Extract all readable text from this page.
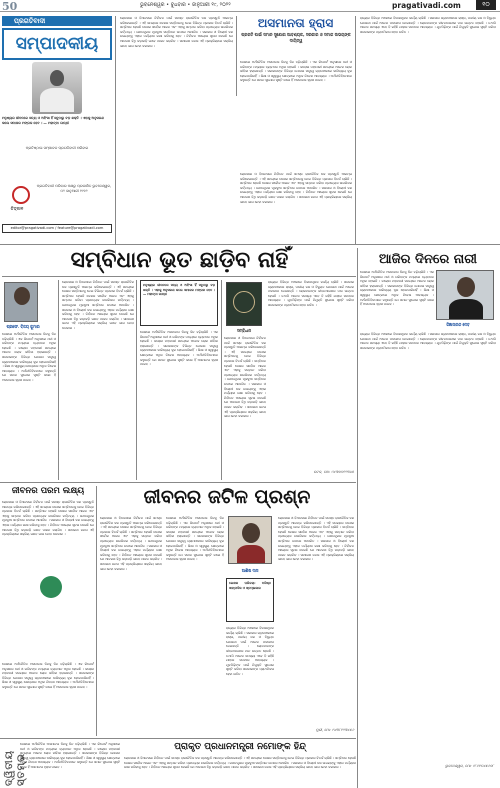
50	ଭୁବନେଶ୍ୱର • ବୁଧବାର • ଜାନୁଆରୀ ୧୯, ୨୦୨୨	pragativadi.com	୧୦
ପ୍ରଗତିବାଦୀ
ସମ୍ପାଦକୀୟ
ମନୁଷ୍ୟର ଜୀବନରେ ସତ୍ୟ ଓ ଅହିଂସା ହିଁ ସବୁଠାରୁ ବଡ଼ ଶକ୍ତି । ଏହାକୁ ଅନୁସରଣ କଲେ ସମାଜର ମଙ୍ଗଳ ହେବ । — ମହାତ୍ମା ଗାନ୍ଧୀ
ପ୍ରତିଷ୍ଠାତା ସମ୍ପାଦକ ପ୍ରଗତିବାଦୀ ପରିବାର
ଚିହ୍ନାଳ
ପ୍ରଗତିବାଦୀ ପରିବାର ପକ୍ଷରୁ ପ୍ରକାଶିତ ଭୁବନେଶ୍ୱର, ୦୨ ଜାନୁଆରୀ ୧୯୭୨
editor@pragativadi.com / feature@pragativadi.com
ଲୋକସଭା ଓ ବିଧାନସଭା ନିର୍ବାଚନ ପାଇଁ ସମସ୍ତ ରାଜନୈତିକ ଦଳ ପ୍ରସ୍ତୁତି ଆରମ୍ଭ କରିଦେଇଛନ୍ତି । ଏହି ସମୟରେ ଦେଶର ସମ୍ବିଧାନକୁ ନେଇ ବିଭିନ୍ନ ପ୍ରକାର ବିତର୍କ ଚାଲିଛି । ସମ୍ବିଧାନ ହେଉଛି ଦେଶର ସର୍ବୋଚ୍ଚ ଆଇନ ଏବଂ ଏହାକୁ ସମ୍ମାନ କରିବା ପ୍ରତ୍ୟେକ ନାଗରିକର କର୍ତ୍ତବ୍ୟ । ଗଣତନ୍ତ୍ରର ମୂଳଦୁଆ ସମ୍ବିଧାନ ଉପରେ ଆଧାରିତ । ସରକାର ଓ ବିରୋଧୀ ଦଳ ଉଭୟଙ୍କୁ ଏହାର ମର୍ଯ୍ୟାଦା ରକ୍ଷା କରିବାକୁ ହେବ । ନିର୍ବାଚନ ଆୟୋଗ ସୂଚନା ଦେଇଛି ଯେ ଆଚରଣ ବିଧି କଡ଼ାକଡ଼ି ଭାବେ ପାଳନ କରାଯିବ । ସାଧାରଣ ଜନତା ଏହି ପ୍ରକ୍ରିୟାରେ ସକ୍ରିୟ ଭାବେ ଭାଗ ନେବା ଦରକାର ।
ଅସମାନତା ହ୍ରାସ
ପ୍ରଗତି ପାଇଁ ସମାନ ସୁଯୋଗ ଆବଶ୍ୟକ, ସରକାର ଓ ସମାଜ ଉଭୟଙ୍କ ଦାୟିତ୍ୱ
ଦେଶରେ ଅର୍ଥନୈତିକ ଅସମାନତା ଦିନକୁ ଦିନ ବଢ଼ିଚାଲିଛି । ଏକ ରିପୋର୍ଟ ଅନୁସାରେ ଧନୀ ଓ ଗରିବଙ୍କ ମଧ୍ୟରେ ବ୍ୟବଧାନ ଅଧିକ ହୋଇଛି । କରୋନା ମହାମାରୀ ସମୟରେ ଅନେକ ଲୋକ ଜୀବିକା ହରାଇଛନ୍ତି । ସରକାରଙ୍କ ବିଭିନ୍ନ ଯୋଜନା ସତ୍ତ୍ୱେ ଗ୍ରାମାଞ୍ଚଳରେ ଦାରିଦ୍ର୍ୟ ଦୂର ହୋଇପାରିନାହିଁ । ଶିକ୍ଷା ଓ ସ୍ୱାସ୍ଥ୍ୟ କ୍ଷେତ୍ରରେ ଅଧିକ ନିବେଶ ଆବଶ୍ୟକ । ଅର୍ଥନୀତିବିଦମାନେ କହୁଛନ୍ତି ଯେ ସମାନ ସୁଯୋଗ ସୃଷ୍ଟି କଲେ ହିଁ ଅସମାନତା ହ୍ରାସ ପାଇବ ।
ଲୋକସଭା ଓ ବିଧାନସଭା ନିର୍ବାଚନ ପାଇଁ ସମସ୍ତ ରାଜନୈତିକ ଦଳ ପ୍ରସ୍ତୁତି ଆରମ୍ଭ କରିଦେଇଛନ୍ତି । ଏହି ସମୟରେ ଦେଶର ସମ୍ବିଧାନକୁ ନେଇ ବିଭିନ୍ନ ପ୍ରକାର ବିତର୍କ ଚାଲିଛି । ସମ୍ବିଧାନ ହେଉଛି ଦେଶର ସର୍ବୋଚ୍ଚ ଆଇନ ଏବଂ ଏହାକୁ ସମ୍ମାନ କରିବା ପ୍ରତ୍ୟେକ ନାଗରିକର କର୍ତ୍ତବ୍ୟ । ଗଣତନ୍ତ୍ରର ମୂଳଦୁଆ ସମ୍ବିଧାନ ଉପରେ ଆଧାରିତ । ସରକାର ଓ ବିରୋଧୀ ଦଳ ଉଭୟଙ୍କୁ ଏହାର ମର୍ଯ୍ୟାଦା ରକ୍ଷା କରିବାକୁ ହେବ । ନିର୍ବାଚନ ଆୟୋଗ ସୂଚନା ଦେଇଛି ଯେ ଆଚରଣ ବିଧି କଡ଼ାକଡ଼ି ଭାବେ ପାଳନ କରାଯିବ । ସାଧାରଣ ଜନତା ଏହି ପ୍ରକ୍ରିୟାରେ ସକ୍ରିୟ ଭାବେ ଭାଗ ନେବା ଦରକାର ।
ରାଜ୍ୟର ବିଭିନ୍ନ ଅଞ୍ଚଳରେ ବିକାଶମୂଳକ କାର୍ଯ୍ୟ ଚାଲିଛି । ସରକାର ଗ୍ରାମାଞ୍ଚଳରେ ରାସ୍ତା, ପାନୀୟ ଜଳ ଓ ବିଦ୍ୟୁତ ଯୋଗାଣ ପାଇଁ ଅନେକ ପଦକ୍ଷେପ ନେଇଛନ୍ତି । ଲୋକମାନଙ୍କ ଜୀବନଧାରଣର ମାନ ଉନ୍ନତ ହେଉଛି । ତଥାପି ଅନେକ ସମସ୍ୟା ଏବେ ବି ରହିଛି ଯାହାର ସମାଧାନ ଆବଶ୍ୟକ । ଯୁବପିଢ଼ିଙ୍କ ପାଇଁ ନିଯୁକ୍ତି ସୁଯୋଗ ସୃଷ୍ଟି କରିବା ସରକାରଙ୍କ ପ୍ରାଥମିକତା ହେବା ଉଚିତ ।
ସମ୍ବିଧାନ ଭୂତ ଛାଡ଼ିବ ନାହିଁ	ଆଜିର ଦିନରେ ନାରୀ
ପ୍ରଫେ. ବିଜୟ କୁମାର
ଦେଶରେ ଅର୍ଥନୈତିକ ଅସମାନତା ଦିନକୁ ଦିନ ବଢ଼ିଚାଲିଛି । ଏକ ରିପୋର୍ଟ ଅନୁସାରେ ଧନୀ ଓ ଗରିବଙ୍କ ମଧ୍ୟରେ ବ୍ୟବଧାନ ଅଧିକ ହୋଇଛି । କରୋନା ମହାମାରୀ ସମୟରେ ଅନେକ ଲୋକ ଜୀବିକା ହରାଇଛନ୍ତି । ସରକାରଙ୍କ ବିଭିନ୍ନ ଯୋଜନା ସତ୍ତ୍ୱେ ଗ୍ରାମାଞ୍ଚଳରେ ଦାରିଦ୍ର୍ୟ ଦୂର ହୋଇପାରିନାହିଁ । ଶିକ୍ଷା ଓ ସ୍ୱାସ୍ଥ୍ୟ କ୍ଷେତ୍ରରେ ଅଧିକ ନିବେଶ ଆବଶ୍ୟକ । ଅର୍ଥନୀତିବିଦମାନେ କହୁଛନ୍ତି ଯେ ସମାନ ସୁଯୋଗ ସୃଷ୍ଟି କଲେ ହିଁ ଅସମାନତା ହ୍ରାସ ପାଇବ ।
ଲୋକସଭା ଓ ବିଧାନସଭା ନିର୍ବାଚନ ପାଇଁ ସମସ୍ତ ରାଜନୈତିକ ଦଳ ପ୍ରସ୍ତୁତି ଆରମ୍ଭ କରିଦେଇଛନ୍ତି । ଏହି ସମୟରେ ଦେଶର ସମ୍ବିଧାନକୁ ନେଇ ବିଭିନ୍ନ ପ୍ରକାର ବିତର୍କ ଚାଲିଛି । ସମ୍ବିଧାନ ହେଉଛି ଦେଶର ସର୍ବୋଚ୍ଚ ଆଇନ ଏବଂ ଏହାକୁ ସମ୍ମାନ କରିବା ପ୍ରତ୍ୟେକ ନାଗରିକର କର୍ତ୍ତବ୍ୟ । ଗଣତନ୍ତ୍ରର ମୂଳଦୁଆ ସମ୍ବିଧାନ ଉପରେ ଆଧାରିତ । ସରକାର ଓ ବିରୋଧୀ ଦଳ ଉଭୟଙ୍କୁ ଏହାର ମର୍ଯ୍ୟାଦା ରକ୍ଷା କରିବାକୁ ହେବ । ନିର୍ବାଚନ ଆୟୋଗ ସୂଚନା ଦେଇଛି ଯେ ଆଚରଣ ବିଧି କଡ଼ାକଡ଼ି ଭାବେ ପାଳନ କରାଯିବ । ସାଧାରଣ ଜନତା ଏହି ପ୍ରକ୍ରିୟାରେ ସକ୍ରିୟ ଭାବେ ଭାଗ ନେବା ଦରକାର ।
ମନୁଷ୍ୟର ଜୀବନରେ ସତ୍ୟ ଓ ଅହିଂସା ହିଁ ସବୁଠାରୁ ବଡ଼ ଶକ୍ତି । ଏହାକୁ ଅନୁସରଣ କଲେ ସମାଜର ମଙ୍ଗଳ ହେବ । — ମହାତ୍ମା ଗାନ୍ଧୀ
ଦେଶରେ ଅର୍ଥନୈତିକ ଅସମାନତା ଦିନକୁ ଦିନ ବଢ଼ିଚାଲିଛି । ଏକ ରିପୋର୍ଟ ଅନୁସାରେ ଧନୀ ଓ ଗରିବଙ୍କ ମଧ୍ୟରେ ବ୍ୟବଧାନ ଅଧିକ ହୋଇଛି । କରୋନା ମହାମାରୀ ସମୟରେ ଅନେକ ଲୋକ ଜୀବିକା ହରାଇଛନ୍ତି । ସରକାରଙ୍କ ବିଭିନ୍ନ ଯୋଜନା ସତ୍ତ୍ୱେ ଗ୍ରାମାଞ୍ଚଳରେ ଦାରିଦ୍ର୍ୟ ଦୂର ହୋଇପାରିନାହିଁ । ଶିକ୍ଷା ଓ ସ୍ୱାସ୍ଥ୍ୟ କ୍ଷେତ୍ରରେ ଅଧିକ ନିବେଶ ଆବଶ୍ୟକ । ଅର୍ଥନୀତିବିଦମାନେ କହୁଛନ୍ତି ଯେ ସମାନ ସୁଯୋଗ ସୃଷ୍ଟି କଲେ ହିଁ ଅସମାନତା ହ୍ରାସ ପାଇବ ।
ସମ୍ବିଧାନ
ରାଜ୍ୟର ବିଭିନ୍ନ ଅଞ୍ଚଳରେ ବିକାଶମୂଳକ କାର୍ଯ୍ୟ ଚାଲିଛି । ସରକାର ଗ୍ରାମାଞ୍ଚଳରେ ରାସ୍ତା, ପାନୀୟ ଜଳ ଓ ବିଦ୍ୟୁତ ଯୋଗାଣ ପାଇଁ ଅନେକ ପଦକ୍ଷେପ ନେଇଛନ୍ତି । ଲୋକମାନଙ୍କ ଜୀବନଧାରଣର ମାନ ଉନ୍ନତ ହେଉଛି । ତଥାପି ଅନେକ ସମସ୍ୟା ଏବେ ବି ରହିଛି ଯାହାର ସମାଧାନ ଆବଶ୍ୟକ । ଯୁବପିଢ଼ିଙ୍କ ପାଇଁ ନିଯୁକ୍ତି ସୁଯୋଗ ସୃଷ୍ଟି କରିବା ସରକାରଙ୍କ ପ୍ରାଥମିକତା ହେବା ଉଚିତ ।
ଲୋକସଭା ଓ ବିଧାନସଭା ନିର୍ବାଚନ ପାଇଁ ସମସ୍ତ ରାଜନୈତିକ ଦଳ ପ୍ରସ୍ତୁତି ଆରମ୍ଭ କରିଦେଇଛନ୍ତି । ଏହି ସମୟରେ ଦେଶର ସମ୍ବିଧାନକୁ ନେଇ ବିଭିନ୍ନ ପ୍ରକାର ବିତର୍କ ଚାଲିଛି । ସମ୍ବିଧାନ ହେଉଛି ଦେଶର ସର୍ବୋଚ୍ଚ ଆଇନ ଏବଂ ଏହାକୁ ସମ୍ମାନ କରିବା ପ୍ରତ୍ୟେକ ନାଗରିକର କର୍ତ୍ତବ୍ୟ । ଗଣତନ୍ତ୍ରର ମୂଳଦୁଆ ସମ୍ବିଧାନ ଉପରେ ଆଧାରିତ । ସରକାର ଓ ବିରୋଧୀ ଦଳ ଉଭୟଙ୍କୁ ଏହାର ମର୍ଯ୍ୟାଦା ରକ୍ଷା କରିବାକୁ ହେବ । ନିର୍ବାଚନ ଆୟୋଗ ସୂଚନା ଦେଇଛି ଯେ ଆଚରଣ ବିଧି କଡ଼ାକଡ଼ି ଭାବେ ପାଳନ କରାଯିବ । ସାଧାରଣ ଜନତା ଏହି ପ୍ରକ୍ରିୟାରେ ସକ୍ରିୟ ଭାବେ ଭାଗ ନେବା ଦରକାର ।
କଟକ, ମୋ: ୯୪୩୭୦୧୨୩୪୫
ଜିଜ୍ଞାସାନନ୍ଦ ଦେବ
ଦେଶରେ ଅର୍ଥନୈତିକ ଅସମାନତା ଦିନକୁ ଦିନ ବଢ଼ିଚାଲିଛି । ଏକ ରିପୋର୍ଟ ଅନୁସାରେ ଧନୀ ଓ ଗରିବଙ୍କ ମଧ୍ୟରେ ବ୍ୟବଧାନ ଅଧିକ ହୋଇଛି । କରୋନା ମହାମାରୀ ସମୟରେ ଅନେକ ଲୋକ ଜୀବିକା ହରାଇଛନ୍ତି । ସରକାରଙ୍କ ବିଭିନ୍ନ ଯୋଜନା ସତ୍ତ୍ୱେ ଗ୍ରାମାଞ୍ଚଳରେ ଦାରିଦ୍ର୍ୟ ଦୂର ହୋଇପାରିନାହିଁ । ଶିକ୍ଷା ଓ ସ୍ୱାସ୍ଥ୍ୟ କ୍ଷେତ୍ରରେ ଅଧିକ ନିବେଶ ଆବଶ୍ୟକ । ଅର୍ଥନୀତିବିଦମାନେ କହୁଛନ୍ତି ଯେ ସମାନ ସୁଯୋଗ ସୃଷ୍ଟି କଲେ ହିଁ ଅସମାନତା ହ୍ରାସ ପାଇବ ।
ରାଜ୍ୟର ବିଭିନ୍ନ ଅଞ୍ଚଳରେ ବିକାଶମୂଳକ କାର୍ଯ୍ୟ ଚାଲିଛି । ସରକାର ଗ୍ରାମାଞ୍ଚଳରେ ରାସ୍ତା, ପାନୀୟ ଜଳ ଓ ବିଦ୍ୟୁତ ଯୋଗାଣ ପାଇଁ ଅନେକ ପଦକ୍ଷେପ ନେଇଛନ୍ତି । ଲୋକମାନଙ୍କ ଜୀବନଧାରଣର ମାନ ଉନ୍ନତ ହେଉଛି । ତଥାପି ଅନେକ ସମସ୍ୟା ଏବେ ବି ରହିଛି ଯାହାର ସମାଧାନ ଆବଶ୍ୟକ । ଯୁବପିଢ଼ିଙ୍କ ପାଇଁ ନିଯୁକ୍ତି ସୁଯୋଗ ସୃଷ୍ଟି କରିବା ସରକାରଙ୍କ ପ୍ରାଥମିକତା ହେବା ଉଚିତ ।
ଭୁବନେଶ୍ୱର, ମୋ: ୯୮୬୧୦୪୫୬୭୮
ଜୀବନର ପରମ ଲକ୍ଷ୍ୟ
ଲୋକସଭା ଓ ବିଧାନସଭା ନିର୍ବାଚନ ପାଇଁ ସମସ୍ତ ରାଜନୈତିକ ଦଳ ପ୍ରସ୍ତୁତି ଆରମ୍ଭ କରିଦେଇଛନ୍ତି । ଏହି ସମୟରେ ଦେଶର ସମ୍ବିଧାନକୁ ନେଇ ବିଭିନ୍ନ ପ୍ରକାର ବିତର୍କ ଚାଲିଛି । ସମ୍ବିଧାନ ହେଉଛି ଦେଶର ସର୍ବୋଚ୍ଚ ଆଇନ ଏବଂ ଏହାକୁ ସମ୍ମାନ କରିବା ପ୍ରତ୍ୟେକ ନାଗରିକର କର୍ତ୍ତବ୍ୟ । ଗଣତନ୍ତ୍ରର ମୂଳଦୁଆ ସମ୍ବିଧାନ ଉପରେ ଆଧାରିତ । ସରକାର ଓ ବିରୋଧୀ ଦଳ ଉଭୟଙ୍କୁ ଏହାର ମର୍ଯ୍ୟାଦା ରକ୍ଷା କରିବାକୁ ହେବ । ନିର୍ବାଚନ ଆୟୋଗ ସୂଚନା ଦେଇଛି ଯେ ଆଚରଣ ବିଧି କଡ଼ାକଡ଼ି ଭାବେ ପାଳନ କରାଯିବ । ସାଧାରଣ ଜନତା ଏହି ପ୍ରକ୍ରିୟାରେ ସକ୍ରିୟ ଭାବେ ଭାଗ ନେବା ଦରକାର ।
ଦେଶରେ ଅର୍ଥନୈତିକ ଅସମାନତା ଦିନକୁ ଦିନ ବଢ଼ିଚାଲିଛି । ଏକ ରିପୋର୍ଟ ଅନୁସାରେ ଧନୀ ଓ ଗରିବଙ୍କ ମଧ୍ୟରେ ବ୍ୟବଧାନ ଅଧିକ ହୋଇଛି । କରୋନା ମହାମାରୀ ସମୟରେ ଅନେକ ଲୋକ ଜୀବିକା ହରାଇଛନ୍ତି । ସରକାରଙ୍କ ବିଭିନ୍ନ ଯୋଜନା ସତ୍ତ୍ୱେ ଗ୍ରାମାଞ୍ଚଳରେ ଦାରିଦ୍ର୍ୟ ଦୂର ହୋଇପାରିନାହିଁ । ଶିକ୍ଷା ଓ ସ୍ୱାସ୍ଥ୍ୟ କ୍ଷେତ୍ରରେ ଅଧିକ ନିବେଶ ଆବଶ୍ୟକ । ଅର୍ଥନୀତିବିଦମାନେ କହୁଛନ୍ତି ଯେ ସମାନ ସୁଯୋଗ ସୃଷ୍ଟି କଲେ ହିଁ ଅସମାନତା ହ୍ରାସ ପାଇବ ।
ଜୀବନର ଜଟିଳ ପ୍ରଶ୍ନ
ଲୋକସଭା ଓ ବିଧାନସଭା ନିର୍ବାଚନ ପାଇଁ ସମସ୍ତ ରାଜନୈତିକ ଦଳ ପ୍ରସ୍ତୁତି ଆରମ୍ଭ କରିଦେଇଛନ୍ତି । ଏହି ସମୟରେ ଦେଶର ସମ୍ବିଧାନକୁ ନେଇ ବିଭିନ୍ନ ପ୍ରକାର ବିତର୍କ ଚାଲିଛି । ସମ୍ବିଧାନ ହେଉଛି ଦେଶର ସର୍ବୋଚ୍ଚ ଆଇନ ଏବଂ ଏହାକୁ ସମ୍ମାନ କରିବା ପ୍ରତ୍ୟେକ ନାଗରିକର କର୍ତ୍ତବ୍ୟ । ଗଣତନ୍ତ୍ରର ମୂଳଦୁଆ ସମ୍ବିଧାନ ଉପରେ ଆଧାରିତ । ସରକାର ଓ ବିରୋଧୀ ଦଳ ଉଭୟଙ୍କୁ ଏହାର ମର୍ଯ୍ୟାଦା ରକ୍ଷା କରିବାକୁ ହେବ । ନିର୍ବାଚନ ଆୟୋଗ ସୂଚନା ଦେଇଛି ଯେ ଆଚରଣ ବିଧି କଡ଼ାକଡ଼ି ଭାବେ ପାଳନ କରାଯିବ । ସାଧାରଣ ଜନତା ଏହି ପ୍ରକ୍ରିୟାରେ ସକ୍ରିୟ ଭାବେ ଭାଗ ନେବା ଦରକାର ।
ଦେଶରେ ଅର୍ଥନୈତିକ ଅସମାନତା ଦିନକୁ ଦିନ ବଢ଼ିଚାଲିଛି । ଏକ ରିପୋର୍ଟ ଅନୁସାରେ ଧନୀ ଓ ଗରିବଙ୍କ ମଧ୍ୟରେ ବ୍ୟବଧାନ ଅଧିକ ହୋଇଛି । କରୋନା ମହାମାରୀ ସମୟରେ ଅନେକ ଲୋକ ଜୀବିକା ହରାଇଛନ୍ତି । ସରକାରଙ୍କ ବିଭିନ୍ନ ଯୋଜନା ସତ୍ତ୍ୱେ ଗ୍ରାମାଞ୍ଚଳରେ ଦାରିଦ୍ର୍ୟ ଦୂର ହୋଇପାରିନାହିଁ । ଶିକ୍ଷା ଓ ସ୍ୱାସ୍ଥ୍ୟ କ୍ଷେତ୍ରରେ ଅଧିକ ନିବେଶ ଆବଶ୍ୟକ । ଅର୍ଥନୀତିବିଦମାନେ କହୁଛନ୍ତି ଯେ ସମାନ ସୁଯୋଗ ସୃଷ୍ଟି କଲେ ହିଁ ଅସମାନତା ହ୍ରାସ ପାଇବ ।
ଆଶିଷ ଦାସ
ଲେଖକ ପରିଚୟ: ବରିଷ୍ଠ ସାମ୍ବାଦିକ ଓ ସ୍ତମ୍ଭକାର
ରାଜ୍ୟର ବିଭିନ୍ନ ଅଞ୍ଚଳରେ ବିକାଶମୂଳକ କାର୍ଯ୍ୟ ଚାଲିଛି । ସରକାର ଗ୍ରାମାଞ୍ଚଳରେ ରାସ୍ତା, ପାନୀୟ ଜଳ ଓ ବିଦ୍ୟୁତ ଯୋଗାଣ ପାଇଁ ଅନେକ ପଦକ୍ଷେପ ନେଇଛନ୍ତି । ଲୋକମାନଙ୍କ ଜୀବନଧାରଣର ମାନ ଉନ୍ନତ ହେଉଛି । ତଥାପି ଅନେକ ସମସ୍ୟା ଏବେ ବି ରହିଛି ଯାହାର ସମାଧାନ ଆବଶ୍ୟକ । ଯୁବପିଢ଼ିଙ୍କ ପାଇଁ ନିଯୁକ୍ତି ସୁଯୋଗ ସୃଷ୍ଟି କରିବା ସରକାରଙ୍କ ପ୍ରାଥମିକତା ହେବା ଉଚିତ ।
ଲୋକସଭା ଓ ବିଧାନସଭା ନିର୍ବାଚନ ପାଇଁ ସମସ୍ତ ରାଜନୈତିକ ଦଳ ପ୍ରସ୍ତୁତି ଆରମ୍ଭ କରିଦେଇଛନ୍ତି । ଏହି ସମୟରେ ଦେଶର ସମ୍ବିଧାନକୁ ନେଇ ବିଭିନ୍ନ ପ୍ରକାର ବିତର୍କ ଚାଲିଛି । ସମ୍ବିଧାନ ହେଉଛି ଦେଶର ସର୍ବୋଚ୍ଚ ଆଇନ ଏବଂ ଏହାକୁ ସମ୍ମାନ କରିବା ପ୍ରତ୍ୟେକ ନାଗରିକର କର୍ତ୍ତବ୍ୟ । ଗଣତନ୍ତ୍ରର ମୂଳଦୁଆ ସମ୍ବିଧାନ ଉପରେ ଆଧାରିତ । ସରକାର ଓ ବିରୋଧୀ ଦଳ ଉଭୟଙ୍କୁ ଏହାର ମର୍ଯ୍ୟାଦା ରକ୍ଷା କରିବାକୁ ହେବ । ନିର୍ବାଚନ ଆୟୋଗ ସୂଚନା ଦେଇଛି ଯେ ଆଚରଣ ବିଧି କଡ଼ାକଡ଼ି ଭାବେ ପାଳନ କରାଯିବ । ସାଧାରଣ ଜନତା ଏହି ପ୍ରକ୍ରିୟାରେ ସକ୍ରିୟ ଭାବେ ଭାଗ ନେବା ଦରକାର ।
ପୁରୀ, ମୋ: ୯୪୩୮୧୨୩୪୫୬
ଦ୍ୱିତୀୟ ସ୍ତମ୍ଭ
ଦେଶରେ ଅର୍ଥନୈତିକ ଅସମାନତା ଦିନକୁ ଦିନ ବଢ଼ିଚାଲିଛି । ଏକ ରିପୋର୍ଟ ଅନୁସାରେ ଧନୀ ଓ ଗରିବଙ୍କ ମଧ୍ୟରେ ବ୍ୟବଧାନ ଅଧିକ ହୋଇଛି । କରୋନା ମହାମାରୀ ସମୟରେ ଅନେକ ଲୋକ ଜୀବିକା ହରାଇଛନ୍ତି । ସରକାରଙ୍କ ବିଭିନ୍ନ ଯୋଜନା ସତ୍ତ୍ୱେ ଗ୍ରାମାଞ୍ଚଳରେ ଦାରିଦ୍ର୍ୟ ଦୂର ହୋଇପାରିନାହିଁ । ଶିକ୍ଷା ଓ ସ୍ୱାସ୍ଥ୍ୟ କ୍ଷେତ୍ରରେ ଅଧିକ ନିବେଶ ଆବଶ୍ୟକ । ଅର୍ଥନୀତିବିଦମାନେ କହୁଛନ୍ତି ଯେ ସମାନ ସୁଯୋଗ ସୃଷ୍ଟି କଲେ ହିଁ ଅସମାନତା ହ୍ରାସ ପାଇବ ।
ପ୍ରାକୃତ ପ୍ରଧାନମନ୍ତ୍ରୀ ନମୋଙ୍କ ହିନ୍ଦ୍
ଲୋକସଭା ଓ ବିଧାନସଭା ନିର୍ବାଚନ ପାଇଁ ସମସ୍ତ ରାଜନୈତିକ ଦଳ ପ୍ରସ୍ତୁତି ଆରମ୍ଭ କରିଦେଇଛନ୍ତି । ଏହି ସମୟରେ ଦେଶର ସମ୍ବିଧାନକୁ ନେଇ ବିଭିନ୍ନ ପ୍ରକାର ବିତର୍କ ଚାଲିଛି । ସମ୍ବିଧାନ ହେଉଛି ଦେଶର ସର୍ବୋଚ୍ଚ ଆଇନ ଏବଂ ଏହାକୁ ସମ୍ମାନ କରିବା ପ୍ରତ୍ୟେକ ନାଗରିକର କର୍ତ୍ତବ୍ୟ । ଗଣତନ୍ତ୍ରର ମୂଳଦୁଆ ସମ୍ବିଧାନ ଉପରେ ଆଧାରିତ । ସରକାର ଓ ବିରୋଧୀ ଦଳ ଉଭୟଙ୍କୁ ଏହାର ମର୍ଯ୍ୟାଦା ରକ୍ଷା କରିବାକୁ ହେବ । ନିର୍ବାଚନ ଆୟୋଗ ସୂଚନା ଦେଇଛି ଯେ ଆଚରଣ ବିଧି କଡ଼ାକଡ଼ି ଭାବେ ପାଳନ କରାଯିବ । ସାଧାରଣ ଜନତା ଏହି ପ୍ରକ୍ରିୟାରେ ସକ୍ରିୟ ଭାବେ ଭାଗ ନେବା ଦରକାର ।
